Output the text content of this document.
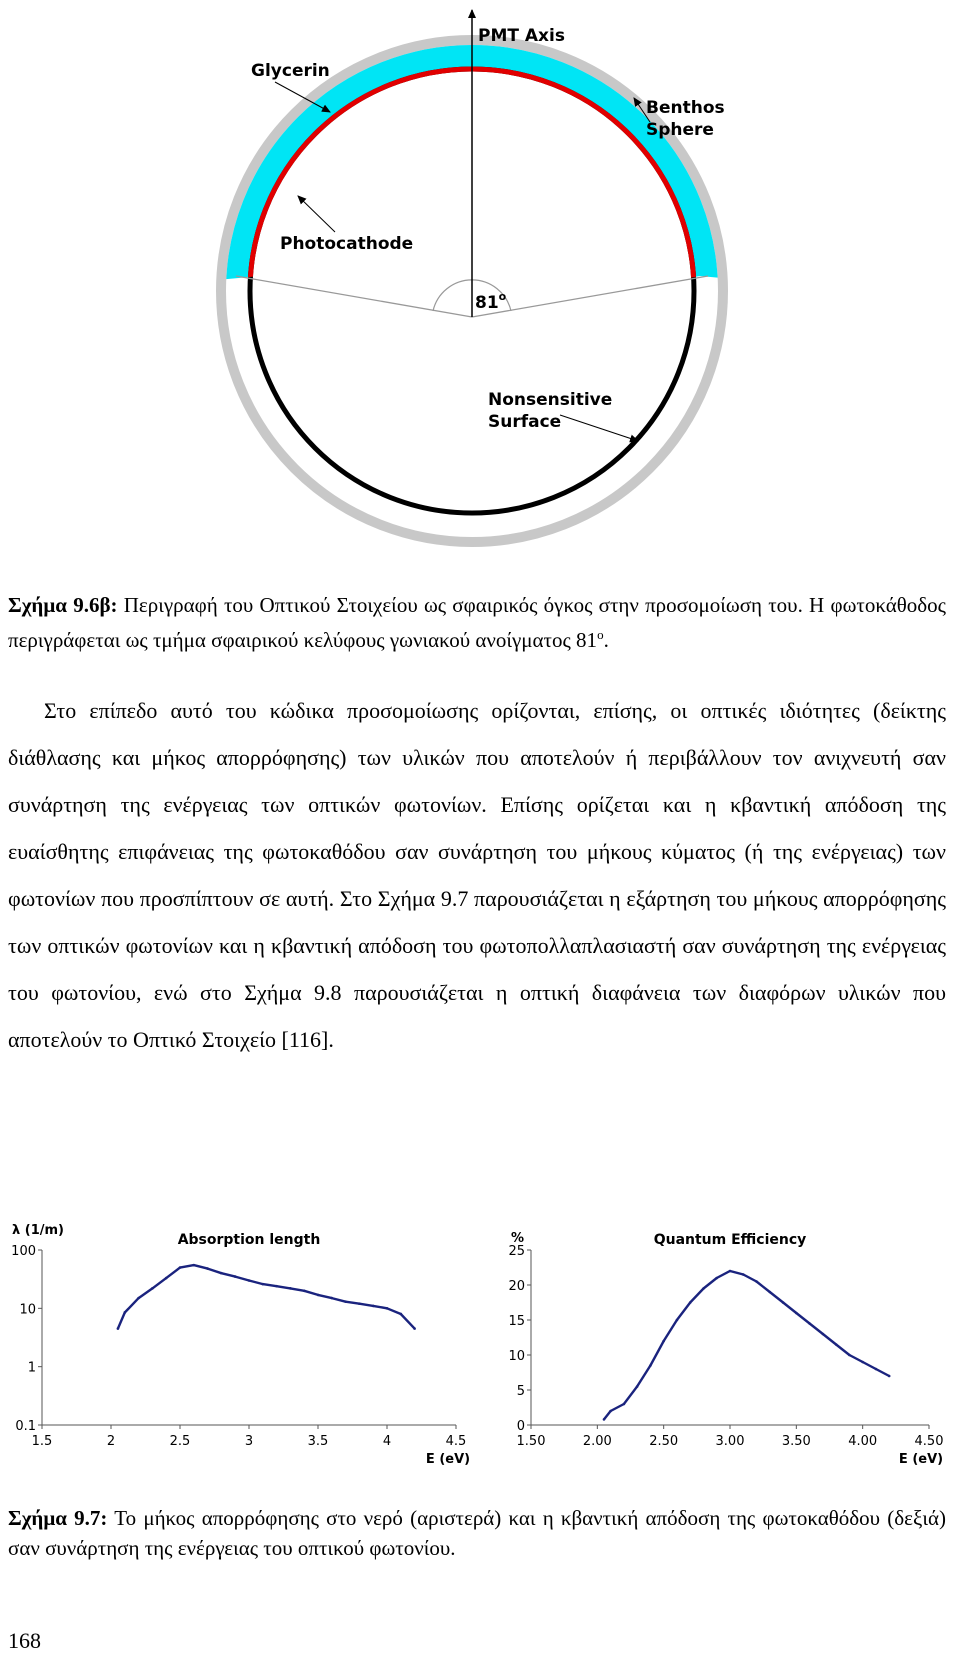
PMT Axis
Glycerin
Benthos
Sphere
Photocathode
81$^o$
Nonsensitive
Surface
Σχήμα 9.6β: Περιγραφή του Οπτικού Στοιχείου ως σφαιρικός όγκος στην προσομοίωση του. Η φωτοκάθοδος περιγράφεται ως τμήμα σφαιρικού κελύφους γωνιακού ανοίγματος $81^o$.
Στο επίπεδο αυτό του κώδικα προσομοίωσης ορίζονται, επίσης, οι οπτικές ιδιότητες (δείκτης διάθλασης και μήκος απορρόφησης) των υλικών που αποτελούν ή περιβάλλουν τον ανιχνευτή σαν συνάρτηση της ενέργειας των οπτικών φωτονίων. Επίσης ορίζεται και η κβαντική απόδοση της ευαίσθητης επιφάνειας της φωτοκαθόδου σαν συνάρτηση του μήκους κύματος (ή της ενέργειας) των φωτονίων που προσπίπτουν σε αυτή. Στο Σχήμα 9.7 παρουσιάζεται η εξάρτηση του μήκους απορρόφησης των οπτικών φωτονίων και η κβαντική απόδοση του φωτοπολλαπλασιαστή σαν συνάρτηση της ενέργειας του φωτονίου, ενώ στο Σχήμα 9.8 παρουσιάζεται η οπτική διαφάνεια των διαφόρων υλικών που αποτελούν το Οπτικό Στοιχείο [116].
0.1
1
10
100
1.5	2	2.5	3	3.5	4	4.5
Absorption length
λ (1/m)
E (eV)
0
5
10
15
20
25
1.50	2.00	2.50	3.00	3.50	4.00	4.50
Quantum Efficiency
%
E (eV)
Σχήμα 9.7: Το μήκος απορρόφησης στο νερό (αριστερά) και η κβαντική απόδοση της φωτοκαθόδου (δεξιά) σαν συνάρτηση της ενέργειας του οπτικού φωτονίου.
168
